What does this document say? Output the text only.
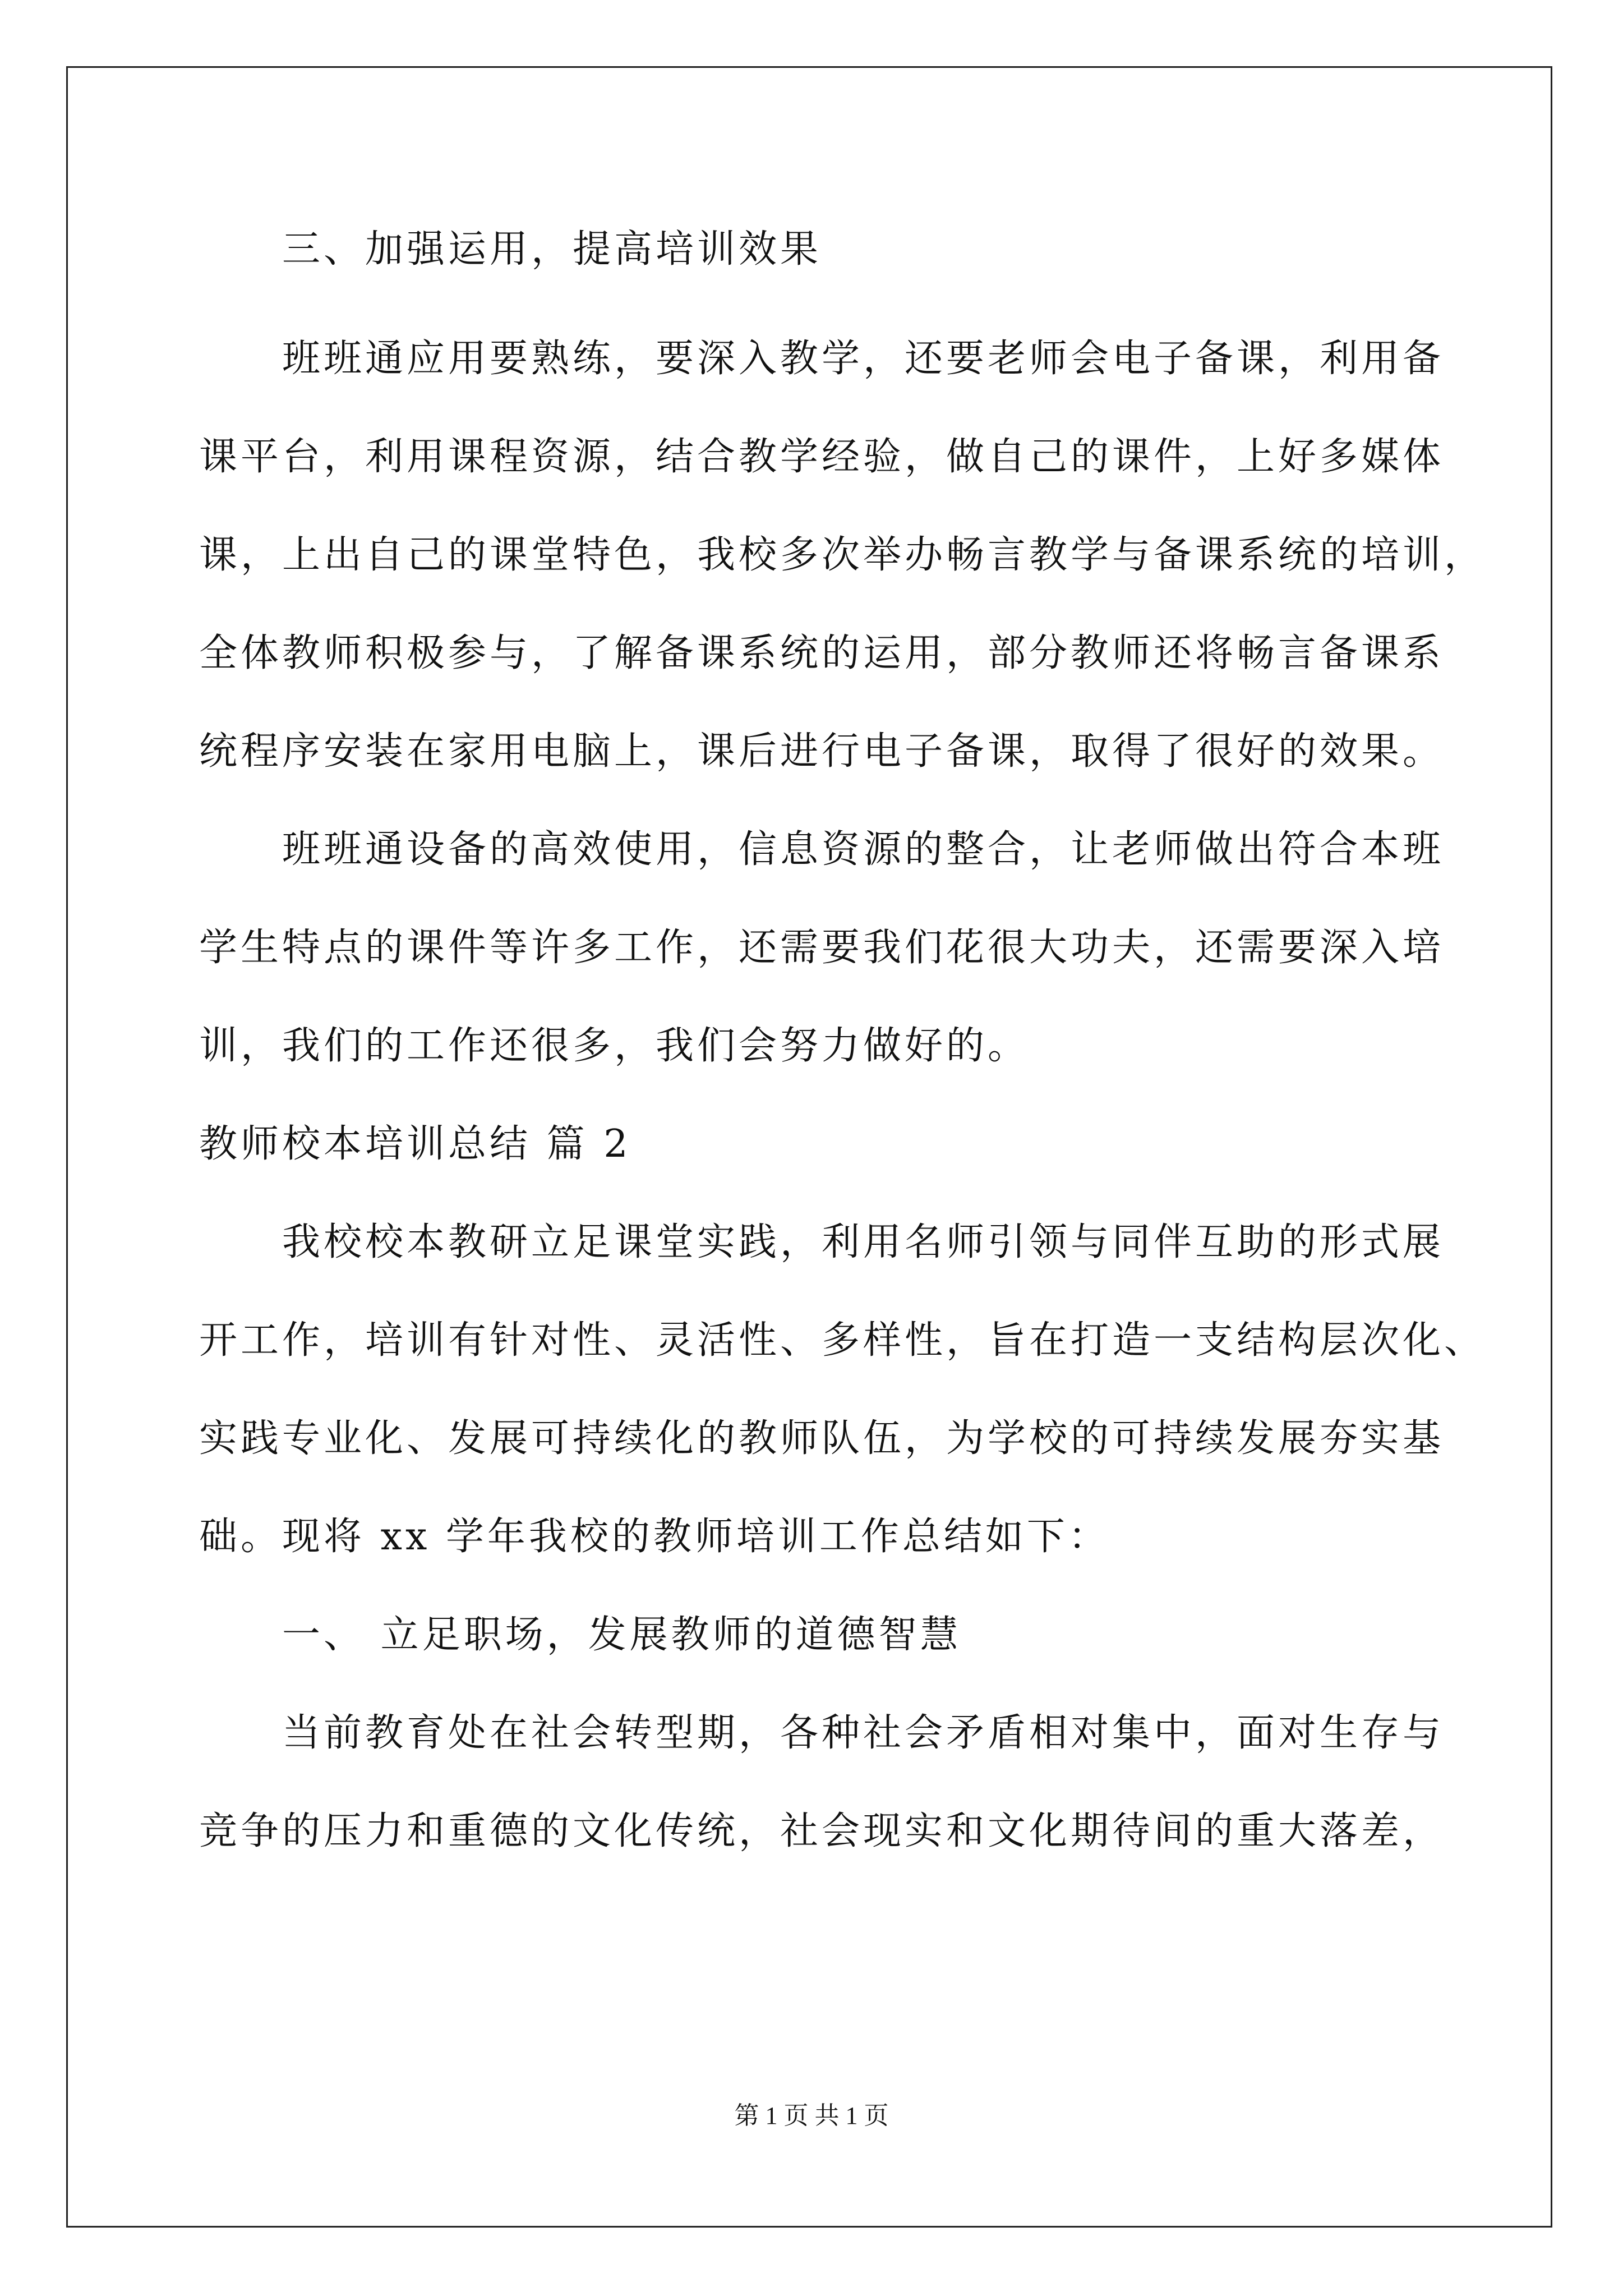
三、加强运用，提高培训效果
班班通应用要熟练，要深入教学，还要老师会电子备课，利用备
课平台，利用课程资源，结合教学经验，做自己的课件，上好多媒体
课，上出自己的课堂特色，我校多次举办畅言教学与备课系统的培训，
全体教师积极参与，了解备课系统的运用，部分教师还将畅言备课系
统程序安装在家用电脑上，课后进行电子备课，取得了很好的效果。
班班通设备的高效使用，信息资源的整合，让老师做出符合本班
学生特点的课件等许多工作，还需要我们花很大功夫，还需要深入培
训，我们的工作还很多，我们会努力做好的。
教师校本培训总结 篇 2
我校校本教研立足课堂实践，利用名师引领与同伴互助的形式展
开工作，培训有针对性、灵活性、多样性，旨在打造一支结构层次化、
实践专业化、发展可持续化的教师队伍，为学校的可持续发展夯实基
础。现将 xx 学年我校的教师培训工作总结如下：
一、 立足职场，发展教师的道德智慧
当前教育处在社会转型期，各种社会矛盾相对集中，面对生存与
竞争的压力和重德的文化传统，社会现实和文化期待间的重大落差，
第 1 页 共 1 页
